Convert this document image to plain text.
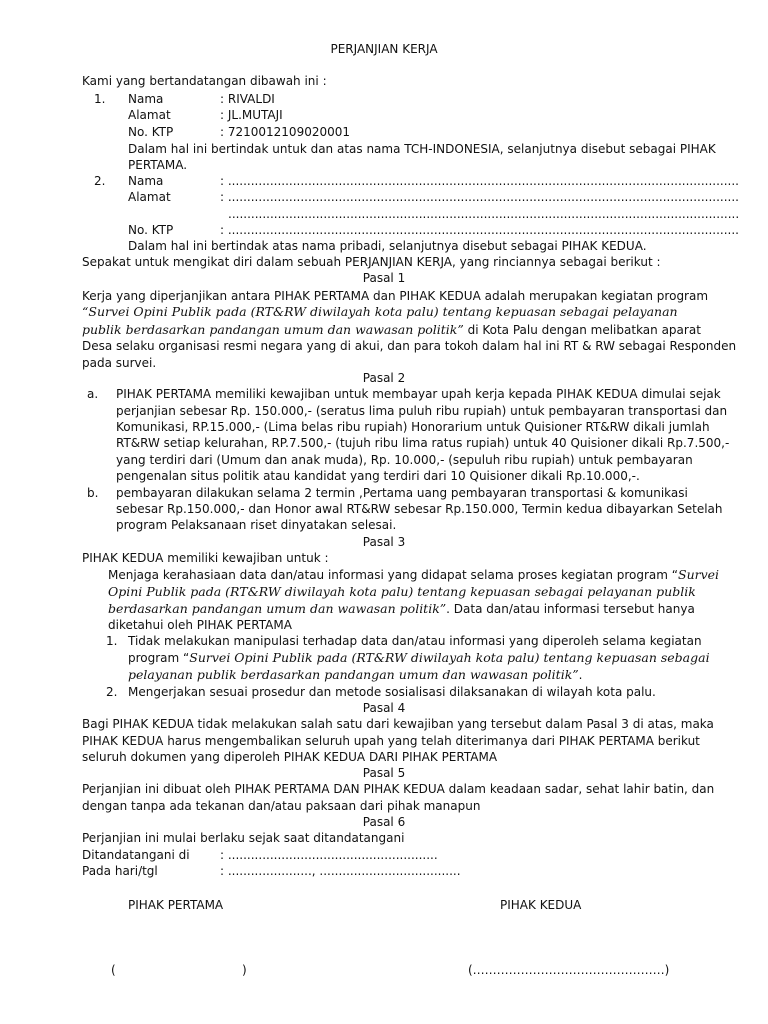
PERJANJIAN KERJA
Kami yang bertandatangan dibawah ini :
1. Nama	: RIVALDI
Alamat	: JL.MUTAJI
No. KTP	: 7210012109020001
Dalam hal ini bertindak untuk dan atas nama TCH-INDONESIA, selanjutnya disebut sebagai PIHAK
PERTAMA.
2. Nama	: ......................................................................................................................................
Alamat	: ......................................................................................................................................
......................................................................................................................................
No. KTP	: ......................................................................................................................................
Dalam hal ini bertindak atas nama pribadi, selanjutnya disebut sebagai PIHAK KEDUA.
Sepakat untuk mengikat diri dalam sebuah PERJANJIAN KERJA, yang rinciannya sebagai berikut :
Pasal 1
Kerja yang diperjanjikan antara PIHAK PERTAMA dan PIHAK KEDUA adalah merupakan kegiatan program
“Survei Opini Publik pada (RT&RW diwilayah kota palu) tentang kepuasan sebagai pelayanan
publik berdasarkan pandangan umum dan wawasan politik” di Kota Palu dengan melibatkan aparat
Desa selaku organisasi resmi negara yang di akui, dan para tokoh dalam hal ini RT & RW sebagai Responden
pada survei.
Pasal 2
a. PIHAK PERTAMA memiliki kewajiban untuk membayar upah kerja kepada PIHAK KEDUA dimulai sejak
perjanjian sebesar Rp. 150.000,- (seratus lima puluh ribu rupiah) untuk pembayaran transportasi dan
Komunikasi, RP.15.000,- (Lima belas ribu rupiah) Honorarium untuk Quisioner RT&RW dikali jumlah
RT&RW setiap kelurahan, RP.7.500,- (tujuh ribu lima ratus rupiah) untuk 40 Quisioner dikali Rp.7.500,-
yang terdiri dari (Umum dan anak muda), Rp. 10.000,- (sepuluh ribu rupiah) untuk pembayaran
pengenalan situs politik atau kandidat yang terdiri dari 10 Quisioner dikali Rp.10.000,-.
b. pembayaran dilakukan selama 2 termin ,Pertama uang pembayaran transportasi & komunikasi
sebesar Rp.150.000,- dan Honor awal RT&RW sebesar Rp.150.000, Termin kedua dibayarkan Setelah
program Pelaksanaan riset dinyatakan selesai.
Pasal 3
PIHAK KEDUA memiliki kewajiban untuk :
Menjaga kerahasiaan data dan/atau informasi yang didapat selama proses kegiatan program “Survei
Opini Publik pada (RT&RW diwilayah kota palu) tentang kepuasan sebagai pelayanan publik
berdasarkan pandangan umum dan wawasan politik”. Data dan/atau informasi tersebut hanya
diketahui oleh PIHAK PERTAMA
1. Tidak melakukan manipulasi terhadap data dan/atau informasi yang diperoleh selama kegiatan
program “Survei Opini Publik pada (RT&RW diwilayah kota palu) tentang kepuasan sebagai
pelayanan publik berdasarkan pandangan umum dan wawasan politik”.
2. Mengerjakan sesuai prosedur dan metode sosialisasi dilaksanakan di wilayah kota palu.
Pasal 4
Bagi PIHAK KEDUA tidak melakukan salah satu dari kewajiban yang tersebut dalam Pasal 3 di atas, maka
PIHAK KEDUA harus mengembalikan seluruh upah yang telah diterimanya dari PIHAK PERTAMA berikut
seluruh dokumen yang diperoleh PIHAK KEDUA DARI PIHAK PERTAMA
Pasal 5
Perjanjian ini dibuat oleh PIHAK PERTAMA DAN PIHAK KEDUA dalam keadaan sadar, sehat lahir batin, dan
dengan tanpa ada tekanan dan/atau paksaan dari pihak manapun
Pasal 6
Perjanjian ini mulai berlaku sejak saat ditandatangani
Ditandatangani di	: .......................................................
Pada hari/tgl	: ......................, .....................................
PIHAK PERTAMA	PIHAK KEDUA
(	)	(…………………………………………)
